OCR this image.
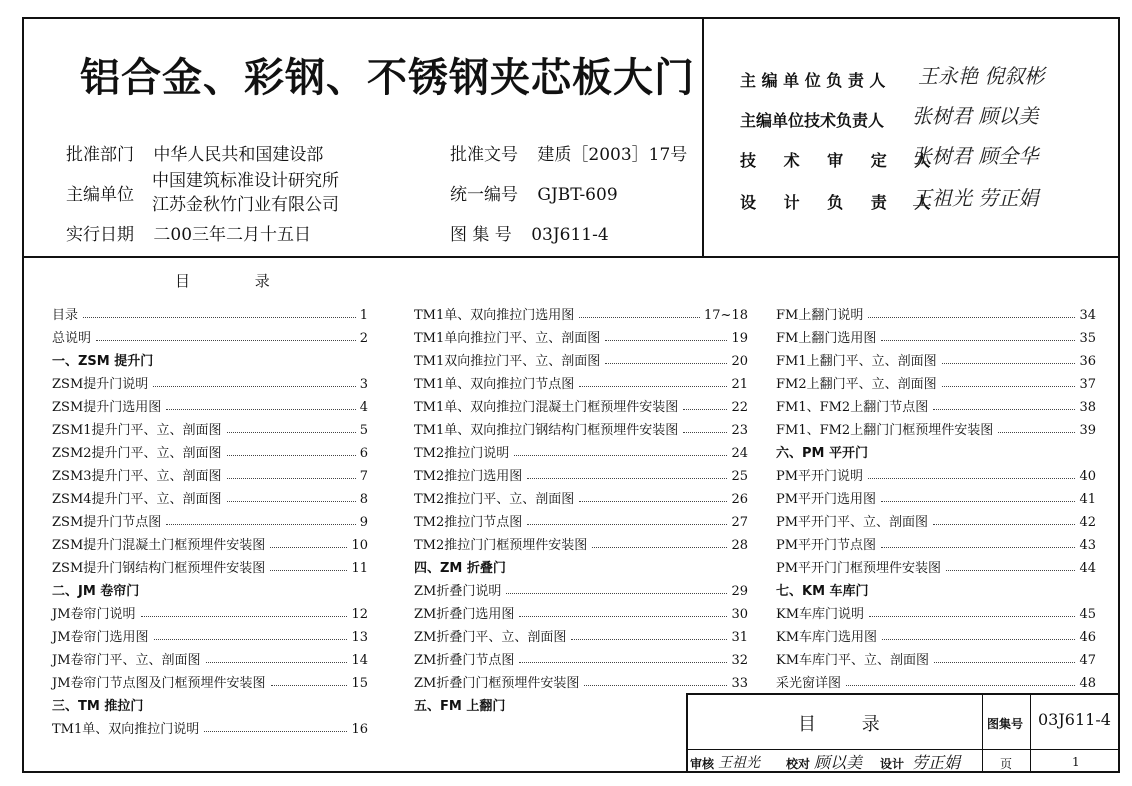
铝合金、彩钢、不锈钢夹芯板大门
批准部门 中华人民共和国建设部
主编单位
中国建筑标准设计研究所
江苏金秋竹门业有限公司
实行日期 二00三年二月十五日
批准文号 建质［2003］17号
统一编号 GJBT-609
图 集 号 03J611-4
主 编 单 位 负 责 人 王永艳 倪叙彬
主编单位技术负责人 张树君 顾以美
技 术 审 定 人
张树君 顾全华
设 计 负 责 人
王祖光 劳正娟
目 录
目录	1
总说明	2
一、ZSM 提升门
ZSM提升门说明	3
ZSM提升门选用图	4
ZSM1提升门平、立、剖面图	5
ZSM2提升门平、立、剖面图	6
ZSM3提升门平、立、剖面图	7
ZSM4提升门平、立、剖面图	8
ZSM提升门节点图	9
ZSM提升门混凝土门框预埋件安装图	10
ZSM提升门钢结构门框预埋件安装图	11
二、JM 卷帘门
JM卷帘门说明	12
JM卷帘门选用图	13
JM卷帘门平、立、剖面图	14
JM卷帘门节点图及门框预埋件安装图	15
三、TM 推拉门
TM1单、双向推拉门说明	16
TM1单、双向推拉门选用图	17~18
TM1单向推拉门平、立、剖面图	19
TM1双向推拉门平、立、剖面图	20
TM1单、双向推拉门节点图	21
TM1单、双向推拉门混凝土门框预埋件安装图	22
TM1单、双向推拉门钢结构门框预埋件安装图	23
TM2推拉门说明	24
TM2推拉门选用图	25
TM2推拉门平、立、剖面图	26
TM2推拉门节点图	27
TM2推拉门门框预埋件安装图	28
四、ZM 折叠门
ZM折叠门说明	29
ZM折叠门选用图	30
ZM折叠门平、立、剖面图	31
ZM折叠门节点图	32
ZM折叠门门框预埋件安装图	33
五、FM 上翻门
FM上翻门说明	34
FM上翻门选用图	35
FM1上翻门平、立、剖面图	36
FM2上翻门平、立、剖面图	37
FM1、FM2上翻门节点图	38
FM1、FM2上翻门门框预埋件安装图	39
六、PM 平开门
PM平开门说明	40
PM平开门选用图	41
PM平开门平、立、剖面图	42
PM平开门节点图	43
PM平开门门框预埋件安装图	44
七、KM 车库门
KM车库门说明	45
KM车库门选用图	46
KM车库门平、立、剖面图	47
采光窗详图	48
目 录	图集号 03J611-4
审核 王祖光 校对 顾以美 设计 劳正娟	页	1
